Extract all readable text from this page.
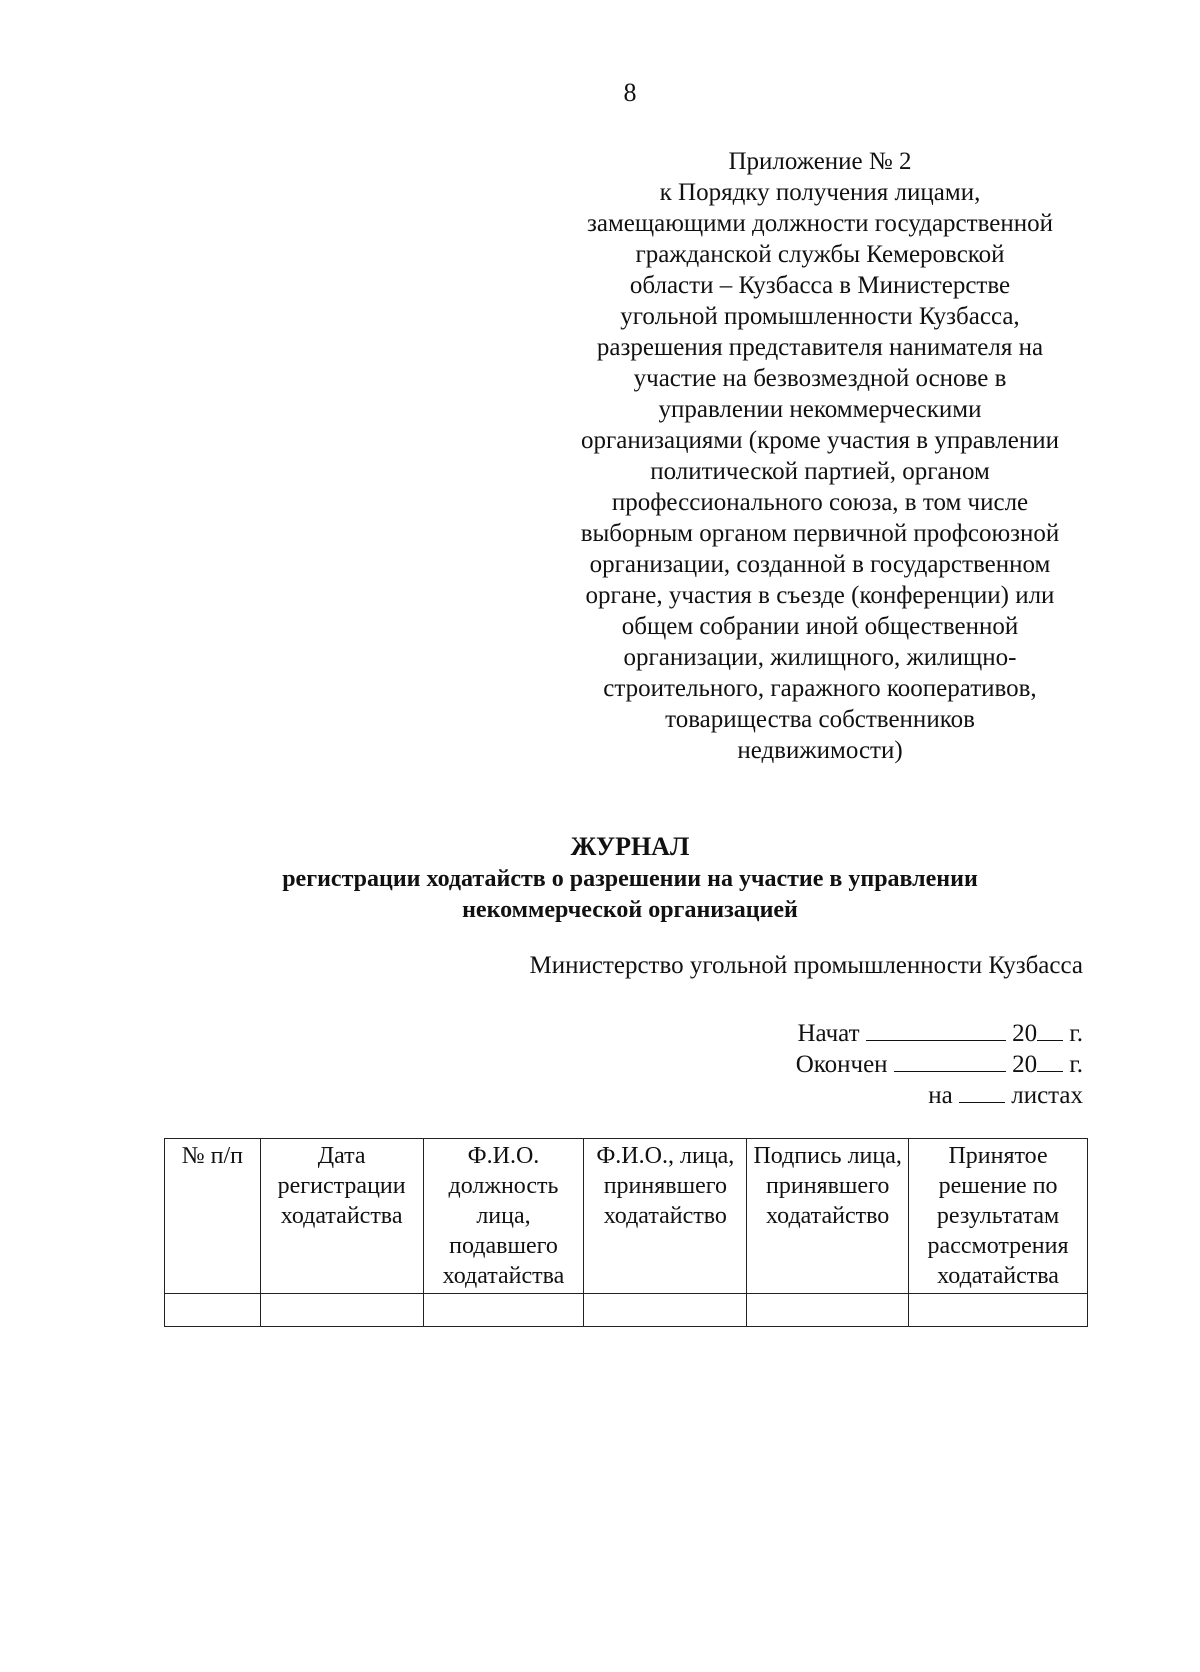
8
Приложение № 2
к Порядку получения лицами,
замещающими должности государственной
гражданской службы Кемеровской
области – Кузбасса в Министерстве
угольной промышленности Кузбасса,
разрешения представителя нанимателя на
участие на безвозмездной основе в
управлении некоммерческими
организациями (кроме участия в управлении
политической партией, органом
профессионального союза, в том числе
выборным органом первичной профсоюзной
организации, созданной в государственном
органе, участия в съезде (конференции) или
общем собрании иной общественной
организации, жилищного, жилищно-
строительного, гаражного кооперативов,
товарищества собственников
недвижимости)
ЖУРНАЛ
регистрации ходатайств о разрешении на участие в управлении
некоммерческой организацией
Министерство угольной промышленности Кузбасса
Начат	20 г.
Окончен	20 г.
на листах
№ п/п	Дата регистрации ходатайства	Ф.И.О. должность лица, подавшего ходатайства	Ф.И.О., лица, принявшего ходатайство	Подпись лица, принявшего ходатайство	Принятое решение по результатам рассмотрения ходатайства
